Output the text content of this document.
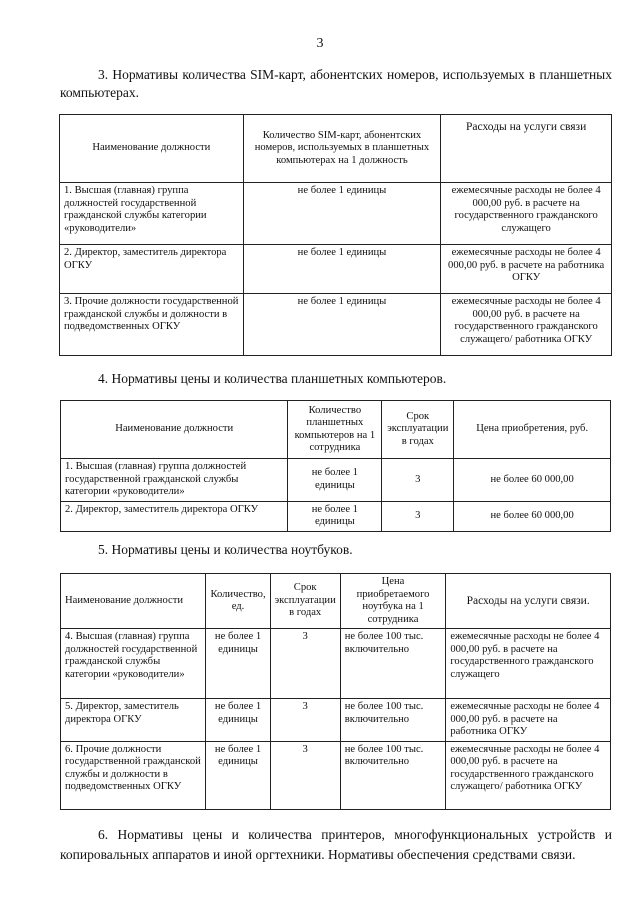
3
3. Нормативы количества SIM-карт, абонентских номеров, используемых в планшетных компьютерах.
Наименование должности	Количество SIM-карт, абонентских номеров, используемых в планшетных компьютерах на 1 должность	Расходы на услуги связи
1. Высшая (главная) группа должностей государственной гражданской службы категории «руководители»	не более 1 единицы	ежемесячные расходы не более 4 000,00 руб. в расчете на государственного гражданского служащего
2. Директор, заместитель директора ОГКУ	не более 1 единицы	ежемесячные расходы не более 4 000,00 руб. в расчете на работника ОГКУ
3. Прочие должности государственной гражданской службы и должности в подведомственных ОГКУ	не более 1 единицы	ежемесячные расходы не более 4 000,00 руб. в расчете на государственного гражданского служащего/ работника ОГКУ
4. Нормативы цены и количества планшетных компьютеров.
Наименование должности	Количество планшетных компьютеров на 1 сотрудника	Срок эксплуатации в годах	Цена приобретения, руб.
1. Высшая (главная) группа должностей государственной гражданской службы категории «руководители»	не более 1 единицы	3	не более 60 000,00
2. Директор, заместитель директора ОГКУ	не более 1 единицы	3	не более 60 000,00
5. Нормативы цены и количества ноутбуков.
Наименование должности	Количество, ед.	Срок эксплуатации в годах	Цена приобретаемого ноутбука на 1 сотрудника	Расходы на услуги связи.
4. Высшая (главная) группа должностей государственной гражданской службы категории «руководители»	не более 1 единицы	3	не более 100 тыс. включительно	ежемесячные расходы не более 4 000,00 руб. в расчете на государственного гражданского служащего
5. Директор, заместитель директора ОГКУ	не более 1 единицы	3	не более 100 тыс. включительно	ежемесячные расходы не более 4 000,00 руб. в расчете на работника ОГКУ
6. Прочие должности государственной гражданской службы и должности в подведомственных ОГКУ	не более 1 единицы	3	не более 100 тыс. включительно	ежемесячные расходы не более 4 000,00 руб. в расчете на государственного гражданского служащего/ работника ОГКУ
6. Нормативы цены и количества принтеров, многофункциональных устройств и копировальных аппаратов и иной оргтехники. Нормативы обеспечения средствами связи.
